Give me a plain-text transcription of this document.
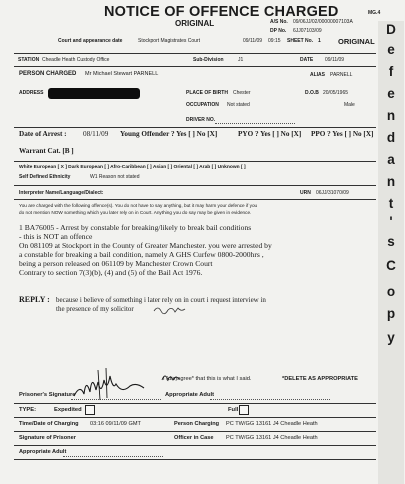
D
e
f
e
n
d
a
n
t
'
s
C
o
p
y
NOTICE OF OFFENCE CHARGED	MG.4
ORIGINAL	A/S No. 09/06JJ/02/00000007103A
DP No. 6JJ07103/09
ORIGINAL
Court and appearance date	Stockport Magistrates Court	09/11/09 09:15 SHEET No. 1
STATION Cheadle Heath Custody Office	Sub-Division	J1	DATE 09/11/09
PERSON CHARGED Mr Michael Stewart PARNELL	ALIAS PARNELL
ADDRESS	PLACE OF BIRTH Chester	D.O.B 20/05/1965
OCCUPATION Not stated	Male
DRIVER NO.
Date of Arrest : 08/11/09 Young Offender ? Yes [ ] No [X]	PYO ? Yes [ ] No [X] PPO ? Yes [ ] No [X]
Warrant Cat. [B ]
White European [ X ] Dark European [ ] Afro-Caribbean [ ] Asian [ ] Oriental [ ] Arab [ ] Unknown [ ]
Self Defined Ethnicity	W1 Reason not stated
Interpreter Name/Language/Dialect:	URN 06JJ/31070/09
You are charged with the following offence(s). You do not have to say anything, but it may harm your defence if you
do not mention NOW something which you later rely on in Court. Anything you do say may be given in evidence.
1 BA76005 - Arrest by constable for breaking/likely to break bail conditions
- this is NOT an offence
On 081109 at Stockport in the County of Greater Manchester. you were arrested by
a constable for breaking a bail condition, namely A GHS Curfew 0800-2000hrs ,
being a person released on 061109 by Manchester Crown Court
Contrary to section 7(3)(b), (4) and (5) of the Bail Act 1976.
REPLY : because i believe of something i later rely on in court i request interview in
the presence of my solicitor
I (dis)agree* that this is what I said.	*DELETE AS APPROPRIATE
Prisoner's Signature	Appropriate Adult
TYPE:	Expedited	Full
Time/Date of Charging 03:16 09/11/09 GMT	Person Charging PC TW/GG 13161 J4 Cheadle Heath
Signature of Prisoner	Officer in Case PC TW/GG 13161 J4 Cheadle Heath
Appropriate Adult
